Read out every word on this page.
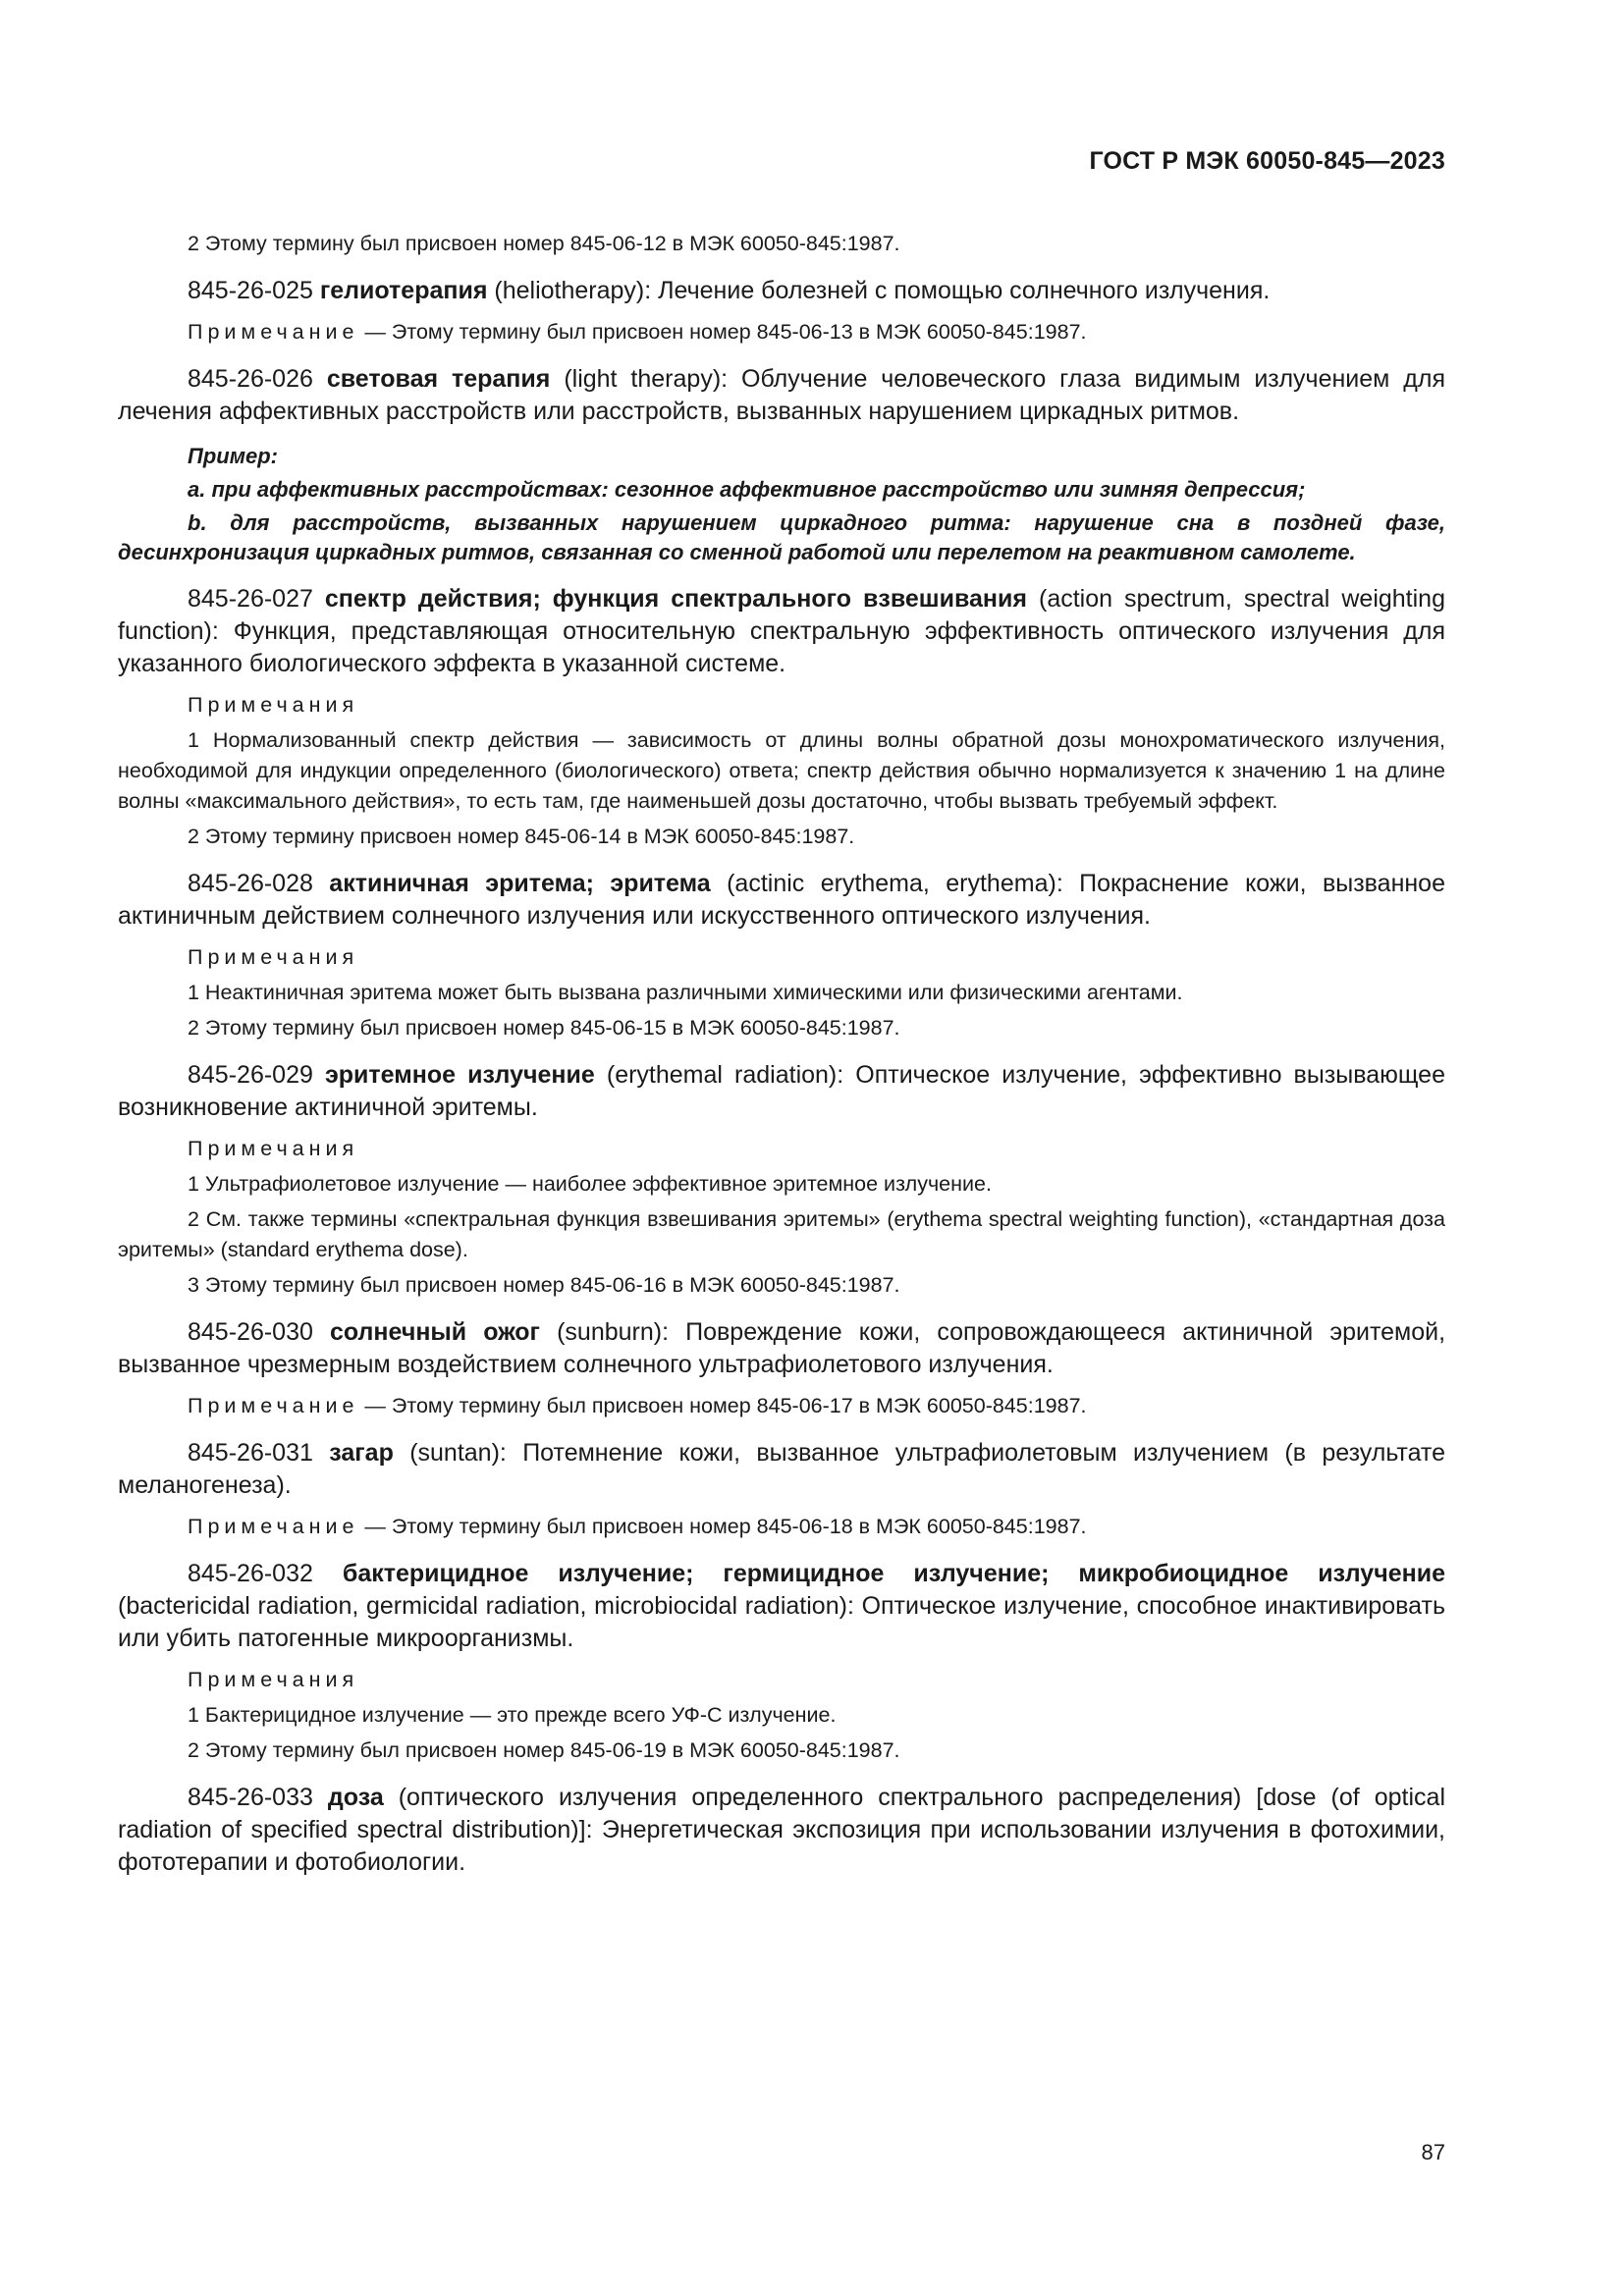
ГОСТ Р МЭК 60050-845—2023

2 Этому термину был присвоен номер 845-06-12 в МЭК 60050-845:1987.

845-26-025 гелиотерапия (heliotherapy): Лечение болезней с помощью солнечного излучения.

Примечание — Этому термину был присвоен номер 845-06-13 в МЭК 60050-845:1987.

845-26-026 световая терапия (light therapy): Облучение человеческого глаза видимым излучением для лечения аффективных расстройств или расстройств, вызванных нарушением циркадных ритмов.

Пример:

a. при аффективных расстройствах: сезонное аффективное расстройство или зимняя депрессия;

b. для расстройств, вызванных нарушением циркадного ритма: нарушение сна в поздней фазе, десинхронизация циркадных ритмов, связанная со сменной работой или перелетом на реактивном самолете.

845-26-027 спектр действия; функция спектрального взвешивания (action spectrum, spectral weighting function): Функция, представляющая относительную спектральную эффективность оптического излучения для указанного биологического эффекта в указанной системе.

Примечания

1 Нормализованный спектр действия — зависимость от длины волны обратной дозы монохроматического излучения, необходимой для индукции определенного (биологического) ответа; спектр действия обычно нормализуется к значению 1 на длине волны «максимального действия», то есть там, где наименьшей дозы достаточно, чтобы вызвать требуемый эффект.

2 Этому термину присвоен номер 845-06-14 в МЭК 60050-845:1987.

845-26-028 актиничная эритема; эритема (actinic erythema, erythema): Покраснение кожи, вызванное актиничным действием солнечного излучения или искусственного оптического излучения.

Примечания

1 Неактиничная эритема может быть вызвана различными химическими или физическими агентами.

2 Этому термину был присвоен номер 845-06-15 в МЭК 60050-845:1987.

845-26-029 эритемное излучение (erythemal radiation): Оптическое излучение, эффективно вызывающее возникновение актиничной эритемы.

Примечания

1 Ультрафиолетовое излучение — наиболее эффективное эритемное излучение.

2 См. также термины «спектральная функция взвешивания эритемы» (erythema spectral weighting function), «стандартная доза эритемы» (standard erythema dose).

3 Этому термину был присвоен номер 845-06-16 в МЭК 60050-845:1987.

845-26-030 солнечный ожог (sunburn): Повреждение кожи, сопровождающееся актиничной эритемой, вызванное чрезмерным воздействием солнечного ультрафиолетового излучения.

Примечание — Этому термину был присвоен номер 845-06-17 в МЭК 60050-845:1987.

845-26-031 загар (suntan): Потемнение кожи, вызванное ультрафиолетовым излучением (в результате меланогенеза).

Примечание — Этому термину был присвоен номер 845-06-18 в МЭК 60050-845:1987.

845-26-032 бактерицидное излучение; гермицидное излучение; микробиоцидное излучение (bactericidal radiation, germicidal radiation, microbiocidal radiation): Оптическое излучение, способное инактивировать или убить патогенные микроорганизмы.

Примечания

1 Бактерицидное излучение — это прежде всего УФ-С излучение.

2 Этому термину был присвоен номер 845-06-19 в МЭК 60050-845:1987.

845-26-033 доза (оптического излучения определенного спектрального распределения) [dose (of optical radiation of specified spectral distribution)]: Энергетическая экспозиция при использовании излучения в фотохимии, фототерапии и фотобиологии.

87
